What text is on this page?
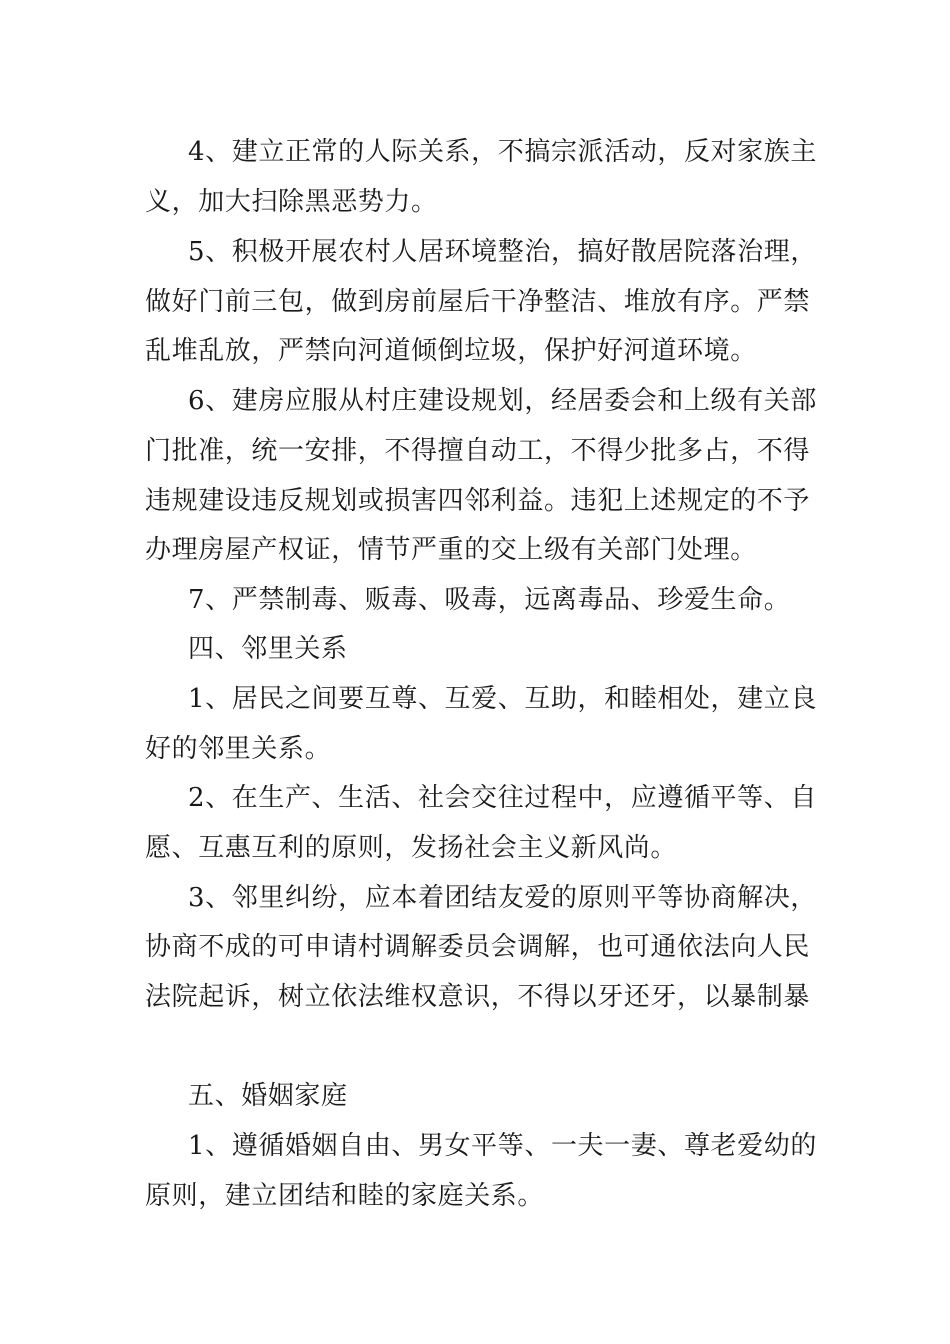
4、建立正常的人际关系，不搞宗派活动，反对家族主
义，加大扫除黑恶势力。
5、积极开展农村人居环境整治，搞好散居院落治理，
做好门前三包，做到房前屋后干净整洁、堆放有序。严禁
乱堆乱放，严禁向河道倾倒垃圾，保护好河道环境。
6、建房应服从村庄建设规划，经居委会和上级有关部
门批准，统一安排，不得擅自动工，不得少批多占，不得
违规建设违反规划或损害四邻利益。违犯上述规定的不予
办理房屋产权证，情节严重的交上级有关部门处理。
7、严禁制毒、贩毒、吸毒，远离毒品、珍爱生命。
四、邻里关系
1、居民之间要互尊、互爱、互助，和睦相处，建立良
好的邻里关系。
2、在生产、生活、社会交往过程中，应遵循平等、自
愿、互惠互利的原则，发扬社会主义新风尚。
3、邻里纠纷，应本着团结友爱的原则平等协商解决，
协商不成的可申请村调解委员会调解，也可通依法向人民
法院起诉，树立依法维权意识，不得以牙还牙，以暴制暴
五、婚姻家庭
1、遵循婚姻自由、男女平等、一夫一妻、尊老爱幼的
原则，建立团结和睦的家庭关系。
